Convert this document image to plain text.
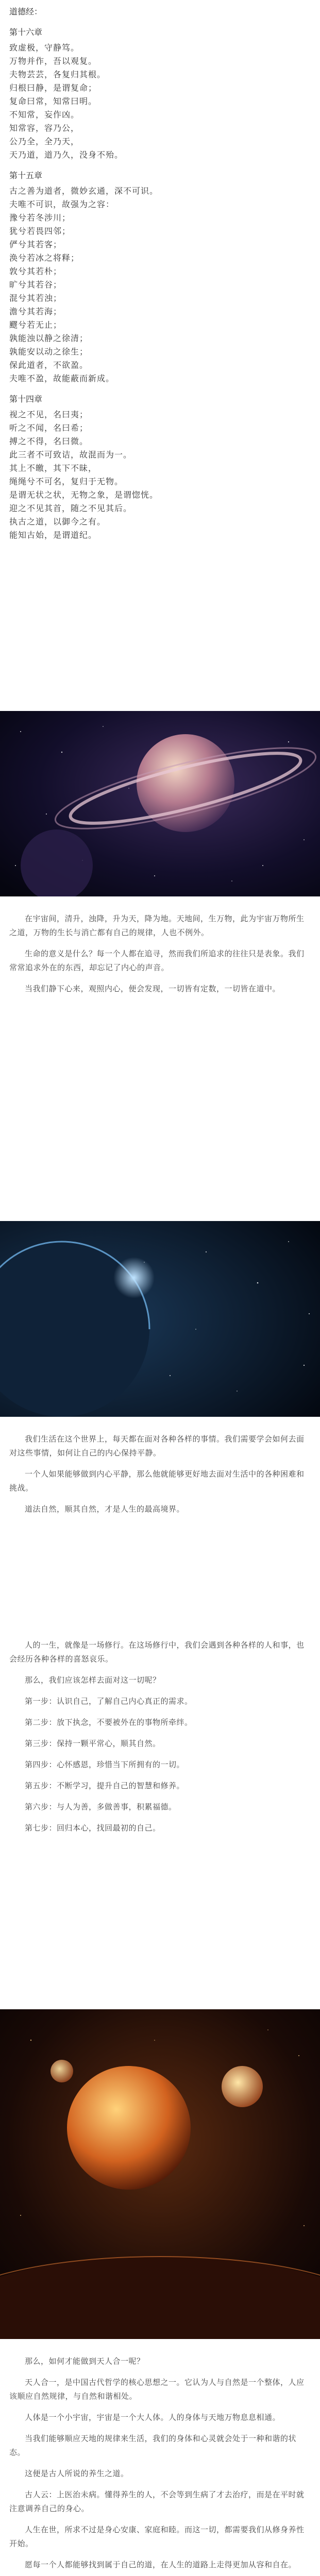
道德经：
第十六章
致虚极，守静笃。
万物并作，吾以观复。
夫物芸芸，各复归其根。
归根曰静，是谓复命；
复命曰常，知常曰明。
不知常，妄作凶。
知常容，容乃公，
公乃全，全乃天，
天乃道，道乃久，没身不殆。
第十五章
古之善为道者，微妙玄通，深不可识。
夫唯不可识，故强为之容：
豫兮若冬涉川；
犹兮若畏四邻；
俨兮其若客；
涣兮若冰之将释；
敦兮其若朴；
旷兮其若谷；
混兮其若浊；
澹兮其若海；
飂兮若无止；
孰能浊以静之徐清；
孰能安以动之徐生；
保此道者，不欲盈。
夫唯不盈，故能蔽而新成。
第十四章
视之不见，名曰夷；
听之不闻，名曰希；
搏之不得，名曰微。
此三者不可致诘，故混而为一。
其上不皦，其下不昧，
绳绳兮不可名，复归于无物。
是谓无状之状，无物之象，是谓惚恍。
迎之不见其首，随之不见其后。
执古之道，以御今之有。
能知古始，是谓道纪。

在宇宙间，清升，浊降，升为天，降为地。天地间，生万物，此为宇宙万物所生之道，万物的生长与消亡都有自己的规律，人也不例外。

生命的意义是什么？每一个人都在追寻，然而我们所追求的往往只是表象。我们常常追求外在的东西，却忘记了内心的声音。

当我们静下心来，观照内心，便会发现，一切皆有定数，一切皆在道中。

我们生活在这个世界上，每天都在面对各种各样的事情。我们需要学会如何去面对这些事情，如何让自己的内心保持平静。

一个人如果能够做到内心平静，那么他就能够更好地去面对生活中的各种困难和挑战。

道法自然，顺其自然，才是人生的最高境界。

人的一生，就像是一场修行。在这场修行中，我们会遇到各种各样的人和事，也会经历各种各样的喜怒哀乐。

那么，我们应该怎样去面对这一切呢？

第一步：认识自己，了解自己内心真正的需求。

第二步：放下执念，不要被外在的事物所牵绊。

第三步：保持一颗平常心，顺其自然。

第四步：心怀感恩，珍惜当下所拥有的一切。

第五步：不断学习，提升自己的智慧和修养。

第六步：与人为善，多做善事，积累福德。

第七步：回归本心，找回最初的自己。

那么，如何才能做到天人合一呢？

天人合一，是中国古代哲学的核心思想之一。它认为人与自然是一个整体，人应该顺应自然规律，与自然和谐相处。

人体是一个小宇宙，宇宙是一个大人体。人的身体与天地万物息息相通。

当我们能够顺应天地的规律来生活，我们的身体和心灵就会处于一种和谐的状态。

这便是古人所说的养生之道。

古人云：上医治未病。懂得养生的人，不会等到生病了才去治疗，而是在平时就注意调养自己的身心。

人生在世，所求不过是身心安康、家庭和睦。而这一切，都需要我们从修身养性开始。

愿每一个人都能够找到属于自己的道，在人生的道路上走得更加从容和自在。
